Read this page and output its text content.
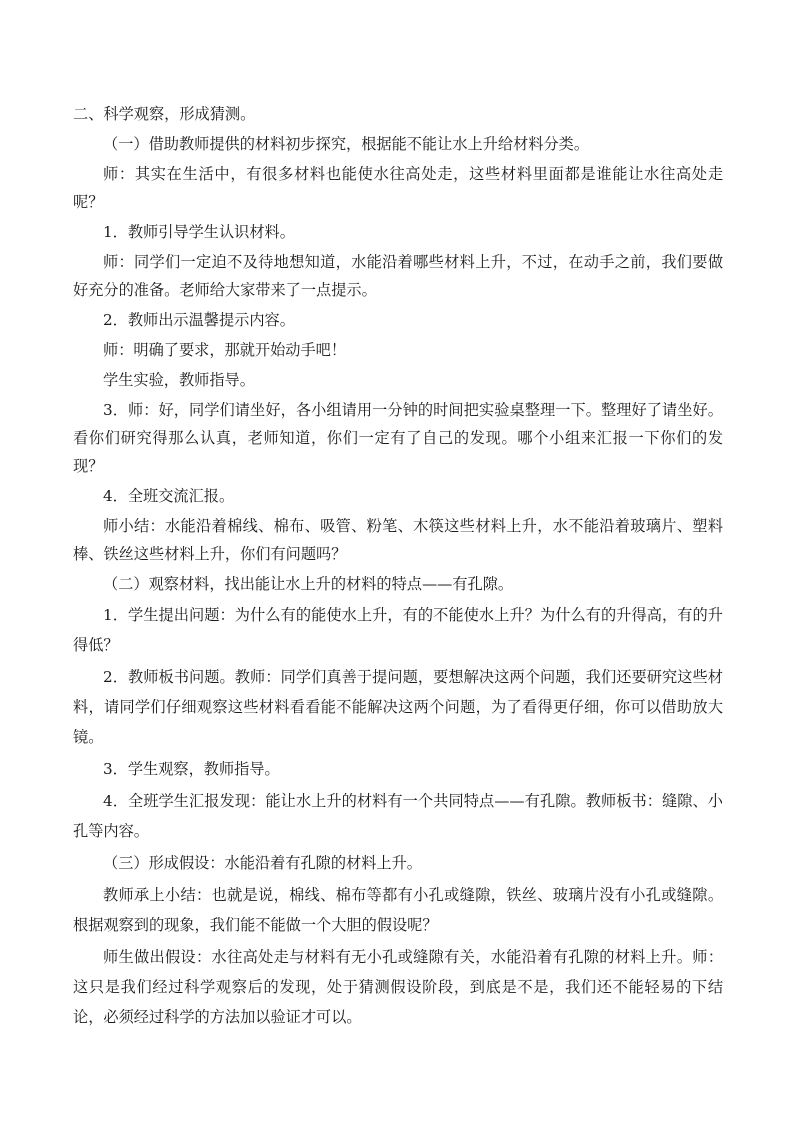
二、科学观察，形成猜测。

（一）借助教师提供的材料初步探究，根据能不能让水上升给材料分类。

师：其实在生活中，有很多材料也能使水往高处走，这些材料里面都是谁能让水往高处走呢？

1．教师引导学生认识材料。

师：同学们一定迫不及待地想知道，水能沿着哪些材料上升，不过，在动手之前，我们要做好充分的准备。老师给大家带来了一点提示。

2．教师出示温馨提示内容。

师：明确了要求，那就开始动手吧！

学生实验，教师指导。

3．师：好，同学们请坐好，各小组请用一分钟的时间把实验桌整理一下。整理好了请坐好。看你们研究得那么认真，老师知道，你们一定有了自己的发现。哪个小组来汇报一下你们的发现？

4．全班交流汇报。

师小结：水能沿着棉线、棉布、吸管、粉笔、木筷这些材料上升，水不能沿着玻璃片、塑料棒、铁丝这些材料上升，你们有问题吗？

（二）观察材料，找出能让水上升的材料的特点——有孔隙。

1．学生提出问题：为什么有的能使水上升，有的不能使水上升？为什么有的升得高，有的升得低？

2．教师板书问题。教师：同学们真善于提问题，要想解决这两个问题，我们还要研究这些材料，请同学们仔细观察这些材料看看能不能解决这两个问题，为了看得更仔细，你可以借助放大镜。

3．学生观察，教师指导。

4．全班学生汇报发现：能让水上升的材料有一个共同特点——有孔隙。教师板书：缝隙、小孔等内容。

（三）形成假设：水能沿着有孔隙的材料上升。

教师承上小结：也就是说，棉线、棉布等都有小孔或缝隙，铁丝、玻璃片没有小孔或缝隙。根据观察到的现象，我们能不能做一个大胆的假设呢？

师生做出假设：水往高处走与材料有无小孔或缝隙有关，水能沿着有孔隙的材料上升。师：这只是我们经过科学观察后的发现，处于猜测假设阶段，到底是不是，我们还不能轻易的下结论，必须经过科学的方法加以验证才可以。
